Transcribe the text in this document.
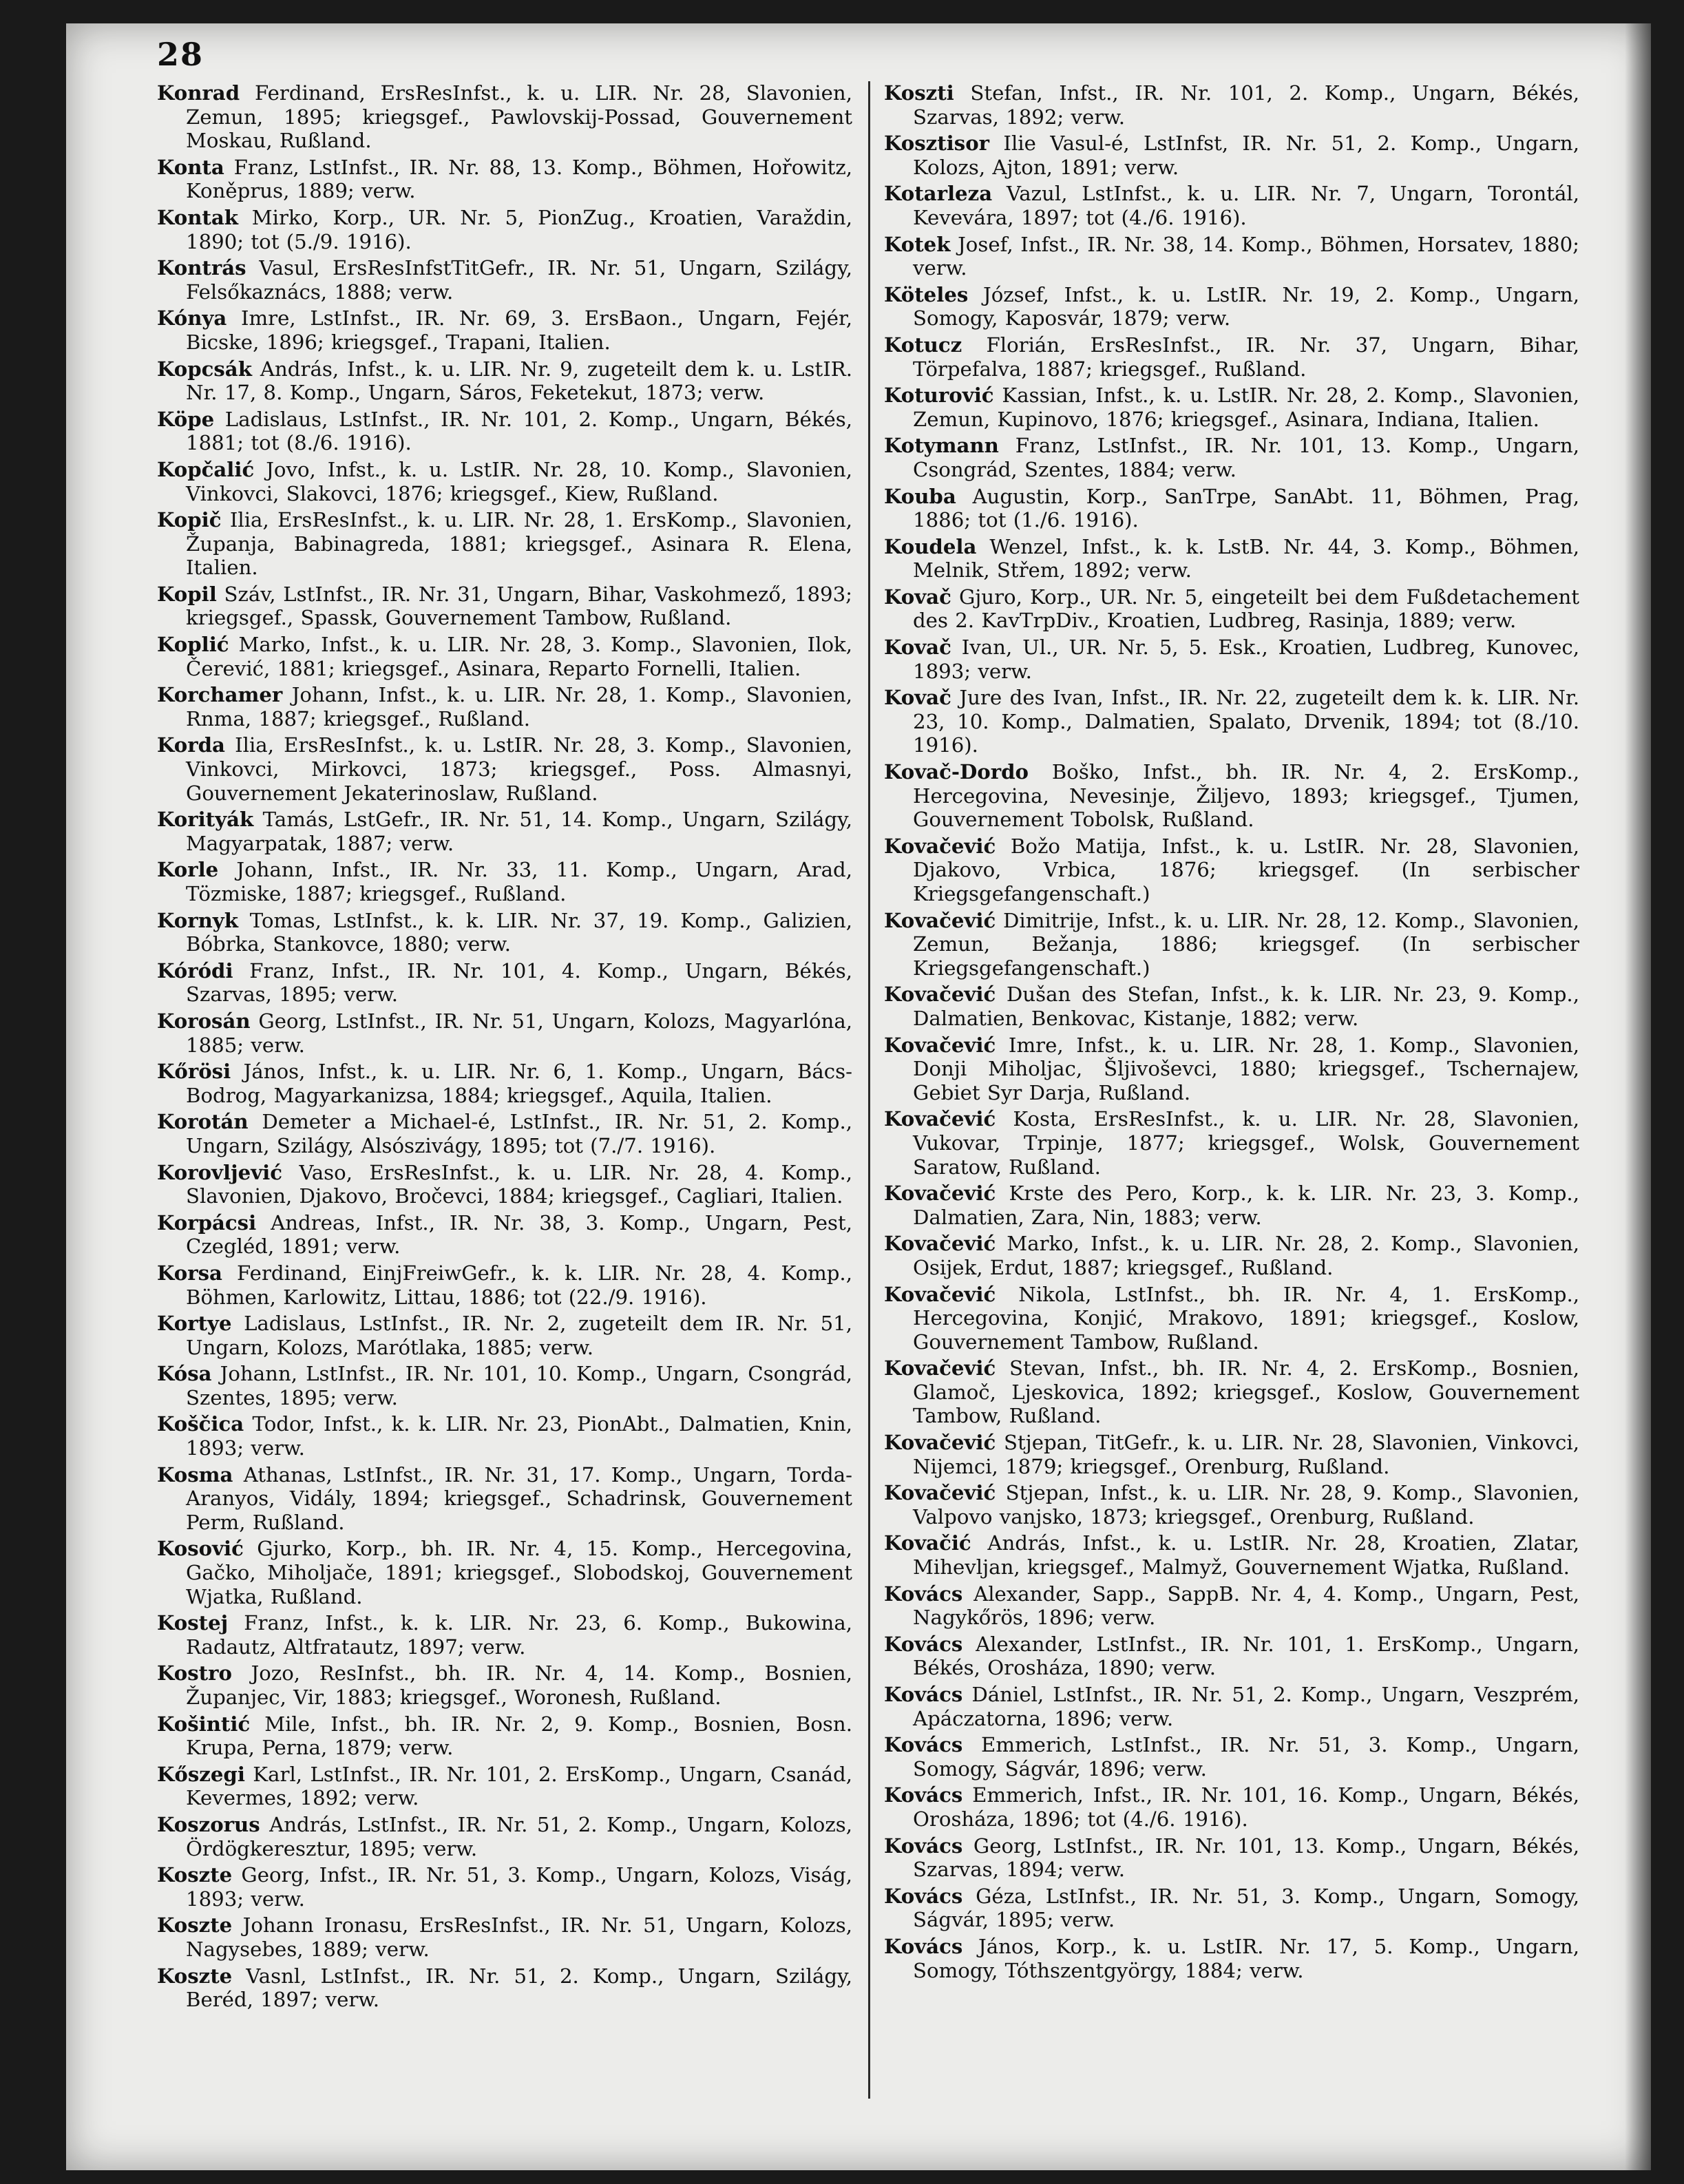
28

Konrad Ferdinand, ErsResInfst., k. u. LIR. Nr. 28, Slavonien, Zemun, 1895; kriegsgef., Pawlovskij-Possad, Gouvernement Moskau, Rußland.

Konta Franz, LstInfst., IR. Nr. 88, 13. Komp., Böhmen, Hořowitz, Koněprus, 1889; verw.

Kontak Mirko, Korp., UR. Nr. 5, PionZug., Kroatien, Varaždin, 1890; tot (5./9. 1916).

Kontrás Vasul, ErsResInfstTitGefr., IR. Nr. 51, Ungarn, Szilágy, Felsőkaznács, 1888; verw.

Kónya Imre, LstInfst., IR. Nr. 69, 3. ErsBaon., Ungarn, Fejér, Bicske, 1896; kriegsgef., Trapani, Italien.

Kopcsák András, Infst., k. u. LIR. Nr. 9, zugeteilt dem k. u. LstIR. Nr. 17, 8. Komp., Ungarn, Sáros, Feketekut, 1873; verw.

Köpe Ladislaus, LstInfst., IR. Nr. 101, 2. Komp., Ungarn, Békés, 1881; tot (8./6. 1916).

Kopčalić Jovo, Infst., k. u. LstIR. Nr. 28, 10. Komp., Slavonien, Vinkovci, Slakovci, 1876; kriegsgef., Kiew, Rußland.

Kopič Ilia, ErsResInfst., k. u. LIR. Nr. 28, 1. ErsKomp., Slavonien, Županja, Babinagreda, 1881; kriegsgef., Asinara R. Elena, Italien.

Kopil Száv, LstInfst., IR. Nr. 31, Ungarn, Bihar, Vaskohmező, 1893; kriegsgef., Spassk, Gouvernement Tambow, Rußland.

Koplić Marko, Infst., k. u. LIR. Nr. 28, 3. Komp., Slavonien, Ilok, Čerević, 1881; kriegsgef., Asinara, Reparto Fornelli, Italien.

Korchamer Johann, Infst., k. u. LIR. Nr. 28, 1. Komp., Slavonien, Rnma, 1887; kriegsgef., Rußland.

Korda Ilia, ErsResInfst., k. u. LstIR. Nr. 28, 3. Komp., Slavonien, Vinkovci, Mirkovci, 1873; kriegsgef., Poss. Almasnyi, Gouvernement Jekaterinoslaw, Rußland.

Korityák Tamás, LstGefr., IR. Nr. 51, 14. Komp., Ungarn, Szilágy, Magyarpatak, 1887; verw.

Korle Johann, Infst., IR. Nr. 33, 11. Komp., Ungarn, Arad, Tözmiske, 1887; kriegsgef., Rußland.

Kornyk Tomas, LstInfst., k. k. LIR. Nr. 37, 19. Komp., Galizien, Bóbrka, Stankovce, 1880; verw.

Kóródi Franz, Infst., IR. Nr. 101, 4. Komp., Ungarn, Békés, Szarvas, 1895; verw.

Korosán Georg, LstInfst., IR. Nr. 51, Ungarn, Kolozs, Magyarlóna, 1885; verw.

Kőrösi János, Infst., k. u. LIR. Nr. 6, 1. Komp., Ungarn, Bács-Bodrog, Magyarkanizsa, 1884; kriegsgef., Aquila, Italien.

Korotán Demeter a Michael-é, LstInfst., IR. Nr. 51, 2. Komp., Ungarn, Szilágy, Alsószivágy, 1895; tot (7./7. 1916).

Korovljević Vaso, ErsResInfst., k. u. LIR. Nr. 28, 4. Komp., Slavonien, Djakovo, Bročevci, 1884; kriegsgef., Cagliari, Italien.

Korpácsi Andreas, Infst., IR. Nr. 38, 3. Komp., Ungarn, Pest, Czegléd, 1891; verw.

Korsa Ferdinand, EinjFreiwGefr., k. k. LIR. Nr. 28, 4. Komp., Böhmen, Karlowitz, Littau, 1886; tot (22./9. 1916).

Kortye Ladislaus, LstInfst., IR. Nr. 2, zugeteilt dem IR. Nr. 51, Ungarn, Kolozs, Marótlaka, 1885; verw.

Kósa Johann, LstInfst., IR. Nr. 101, 10. Komp., Ungarn, Csongrád, Szentes, 1895; verw.

Koščica Todor, Infst., k. k. LIR. Nr. 23, PionAbt., Dalmatien, Knin, 1893; verw.

Kosma Athanas, LstInfst., IR. Nr. 31, 17. Komp., Ungarn, Torda-Aranyos, Vidály, 1894; kriegsgef., Schadrinsk, Gouvernement Perm, Rußland.

Kosović Gjurko, Korp., bh. IR. Nr. 4, 15. Komp., Hercegovina, Gačko, Miholjače, 1891; kriegsgef., Slobodskoj, Gouvernement Wjatka, Rußland.

Kostej Franz, Infst., k. k. LIR. Nr. 23, 6. Komp., Bukowina, Radautz, Altfratautz, 1897; verw.

Kostro Jozo, ResInfst., bh. IR. Nr. 4, 14. Komp., Bosnien, Županjec, Vir, 1883; kriegsgef., Woronesh, Rußland.

Košintić Mile, Infst., bh. IR. Nr. 2, 9. Komp., Bosnien, Bosn. Krupa, Perna, 1879; verw.

Kőszegi Karl, LstInfst., IR. Nr. 101, 2. ErsKomp., Ungarn, Csanád, Kevermes, 1892; verw.

Koszorus András, LstInfst., IR. Nr. 51, 2. Komp., Ungarn, Kolozs, Ördögkeresztur, 1895; verw.

Koszte Georg, Infst., IR. Nr. 51, 3. Komp., Ungarn, Kolozs, Viság, 1893; verw.

Koszte Johann Ironasu, ErsResInfst., IR. Nr. 51, Ungarn, Kolozs, Nagysebes, 1889; verw.

Koszte Vasnl, LstInfst., IR. Nr. 51, 2. Komp., Ungarn, Szilágy, Beréd, 1897; verw.

Koszti Stefan, Infst., IR. Nr. 101, 2. Komp., Ungarn, Békés, Szarvas, 1892; verw.

Kosztisor Ilie Vasul-é, LstInfst, IR. Nr. 51, 2. Komp., Ungarn, Kolozs, Ajton, 1891; verw.

Kotarleza Vazul, LstInfst., k. u. LIR. Nr. 7, Ungarn, Torontál, Kevevára, 1897; tot (4./6. 1916).

Kotek Josef, Infst., IR. Nr. 38, 14. Komp., Böhmen, Horsatev, 1880; verw.

Köteles József, Infst., k. u. LstIR. Nr. 19, 2. Komp., Ungarn, Somogy, Kaposvár, 1879; verw.

Kotucz Florián, ErsResInfst., IR. Nr. 37, Ungarn, Bihar, Törpefalva, 1887; kriegsgef., Rußland.

Koturović Kassian, Infst., k. u. LstIR. Nr. 28, 2. Komp., Slavonien, Zemun, Kupinovo, 1876; kriegsgef., Asinara, Indiana, Italien.

Kotymann Franz, LstInfst., IR. Nr. 101, 13. Komp., Ungarn, Csongrád, Szentes, 1884; verw.

Kouba Augustin, Korp., SanTrpe, SanAbt. 11, Böhmen, Prag, 1886; tot (1./6. 1916).

Koudela Wenzel, Infst., k. k. LstB. Nr. 44, 3. Komp., Böhmen, Melnik, Střem, 1892; verw.

Kovač Gjuro, Korp., UR. Nr. 5, eingeteilt bei dem Fußdetachement des 2. KavTrpDiv., Kroatien, Ludbreg, Rasinja, 1889; verw.

Kovač Ivan, Ul., UR. Nr. 5, 5. Esk., Kroatien, Ludbreg, Kunovec, 1893; verw.

Kovač Jure des Ivan, Infst., IR. Nr. 22, zugeteilt dem k. k. LIR. Nr. 23, 10. Komp., Dalmatien, Spalato, Drvenik, 1894; tot (8./10. 1916).

Kovač-Dordo Boško, Infst., bh. IR. Nr. 4, 2. ErsKomp., Hercegovina, Nevesinje, Žiljevo, 1893; kriegsgef., Tjumen, Gouvernement Tobolsk, Rußland.

Kovačević Božo Matija, Infst., k. u. LstIR. Nr. 28, Slavonien, Djakovo, Vrbica, 1876; kriegsgef. (In serbischer Kriegsgefangenschaft.)

Kovačević Dimitrije, Infst., k. u. LIR. Nr. 28, 12. Komp., Slavonien, Zemun, Bežanja, 1886; kriegsgef. (In serbischer Kriegsgefangenschaft.)

Kovačević Dušan des Stefan, Infst., k. k. LIR. Nr. 23, 9. Komp., Dalmatien, Benkovac, Kistanje, 1882; verw.

Kovačević Imre, Infst., k. u. LIR. Nr. 28, 1. Komp., Slavonien, Donji Miholjac, Šljivoševci, 1880; kriegsgef., Tschernajew, Gebiet Syr Darja, Rußland.

Kovačević Kosta, ErsResInfst., k. u. LIR. Nr. 28, Slavonien, Vukovar, Trpinje, 1877; kriegsgef., Wolsk, Gouvernement Saratow, Rußland.

Kovačević Krste des Pero, Korp., k. k. LIR. Nr. 23, 3. Komp., Dalmatien, Zara, Nin, 1883; verw.

Kovačević Marko, Infst., k. u. LIR. Nr. 28, 2. Komp., Slavonien, Osijek, Erdut, 1887; kriegsgef., Rußland.

Kovačević Nikola, LstInfst., bh. IR. Nr. 4, 1. ErsKomp., Hercegovina, Konjić, Mrakovo, 1891; kriegsgef., Koslow, Gouvernement Tambow, Rußland.

Kovačević Stevan, Infst., bh. IR. Nr. 4, 2. ErsKomp., Bosnien, Glamoč, Ljeskovica, 1892; kriegsgef., Koslow, Gouvernement Tambow, Rußland.

Kovačević Stjepan, TitGefr., k. u. LIR. Nr. 28, Slavonien, Vinkovci, Nijemci, 1879; kriegsgef., Orenburg, Rußland.

Kovačević Stjepan, Infst., k. u. LIR. Nr. 28, 9. Komp., Slavonien, Valpovo vanjsko, 1873; kriegsgef., Orenburg, Rußland.

Kovačić András, Infst., k. u. LstIR. Nr. 28, Kroatien, Zlatar, Mihevljan, kriegsgef., Malmyž, Gouvernement Wjatka, Rußland.

Kovács Alexander, Sapp., SappB. Nr. 4, 4. Komp., Ungarn, Pest, Nagykőrös, 1896; verw.

Kovács Alexander, LstInfst., IR. Nr. 101, 1. ErsKomp., Ungarn, Békés, Orosháza, 1890; verw.

Kovács Dániel, LstInfst., IR. Nr. 51, 2. Komp., Ungarn, Veszprém, Apáczatorna, 1896; verw.

Kovács Emmerich, LstInfst., IR. Nr. 51, 3. Komp., Ungarn, Somogy, Ságvár, 1896; verw.

Kovács Emmerich, Infst., IR. Nr. 101, 16. Komp., Ungarn, Békés, Orosháza, 1896; tot (4./6. 1916).

Kovács Georg, LstInfst., IR. Nr. 101, 13. Komp., Ungarn, Békés, Szarvas, 1894; verw.

Kovács Géza, LstInfst., IR. Nr. 51, 3. Komp., Ungarn, Somogy, Ságvár, 1895; verw.

Kovács János, Korp., k. u. LstIR. Nr. 17, 5. Komp., Ungarn, Somogy, Tóthszentgyörgy, 1884; verw.
